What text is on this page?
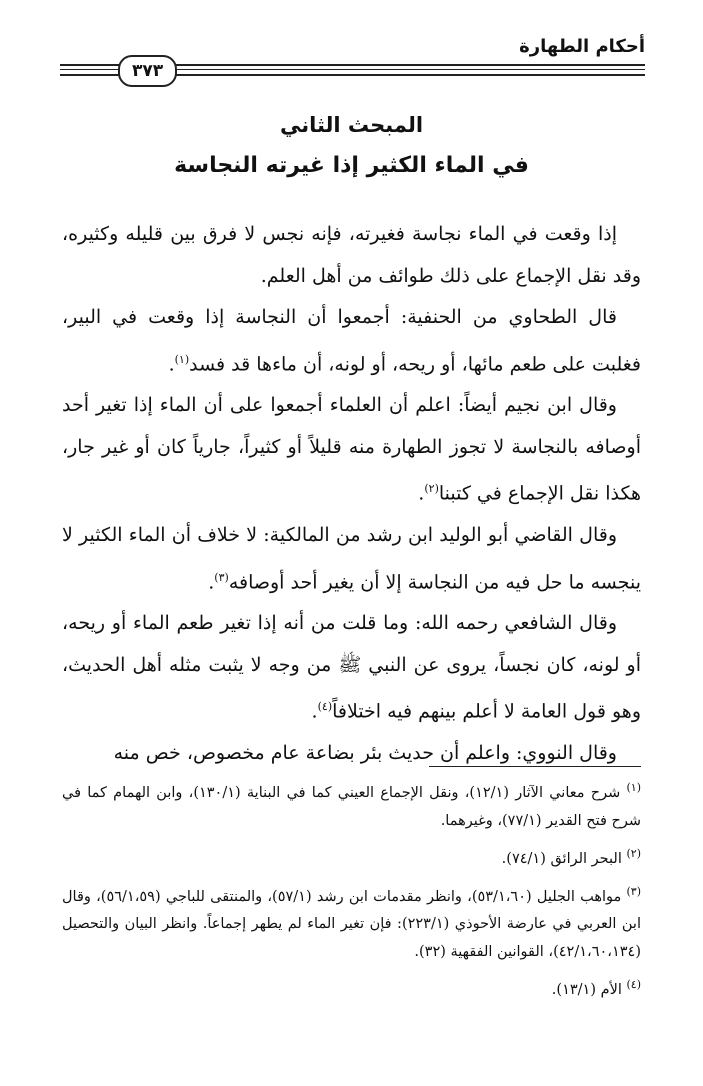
أحكام الطهارة
٣٧٣
المبحث الثاني
في الماء الكثير إذا غيرته النجاسة

إذا وقعت في الماء نجاسة فغيرته، فإنه نجس لا فرق بين قليله وكثيره، وقد نقل الإجماع على ذلك طوائف من أهل العلم.

قال الطحاوي من الحنفية: أجمعوا أن النجاسة إذا وقعت في البير، فغلبت على طعم مائها، أو ريحه، أو لونه، أن ماءها قد فسد$^{(١)}$.

وقال ابن نجيم أيضاً: اعلم أن العلماء أجمعوا على أن الماء إذا تغير أحد أوصافه بالنجاسة لا تجوز الطهارة منه قليلاً أو كثيراً، جارياً كان أو غير جار، هكذا نقل الإجماع في كتبنا$^{(٢)}$.

وقال القاضي أبو الوليد ابن رشد من المالكية: لا خلاف أن الماء الكثير لا ينجسه ما حل فيه من النجاسة إلا أن يغير أحد أوصافه$^{(٣)}$.

وقال الشافعي رحمه الله: وما قلت من أنه إذا تغير طعم الماء أو ريحه، أو لونه، كان نجساً، يروى عن النبي ﷺ من وجه لا يثبت مثله أهل الحديث، وهو قول العامة لا أعلم بينهم فيه اختلافاً$^{(٤)}$.

وقال النووي: واعلم أن حديث بئر بضاعة عام مخصوص، خص منه

$^{(١)}$ شرح معاني الآثار (١٢/١)، ونقل الإجماع العيني كما في البناية (١٣٠/١)، وابن الهمام كما في شرح فتح القدير (٧٧/١)، وغيرهما.

$^{(٢)}$ البحر الرائق (٧٤/١).

$^{(٣)}$ مواهب الجليل (٥٣/١،٦٠)، وانظر مقدمات ابن رشد (٥٧/١)، والمنتقى للباجي (٥٦/١،٥٩)، وقال ابن العربي في عارضة الأحوذي (٢٢٣/١): فإن تغير الماء لم يطهر إجماعاً. وانظر البيان والتحصيل (٤٢/١،٦٠،١٣٤)، القوانين الفقهية (٣٢).

$^{(٤)}$ الأم (١٣/١).
